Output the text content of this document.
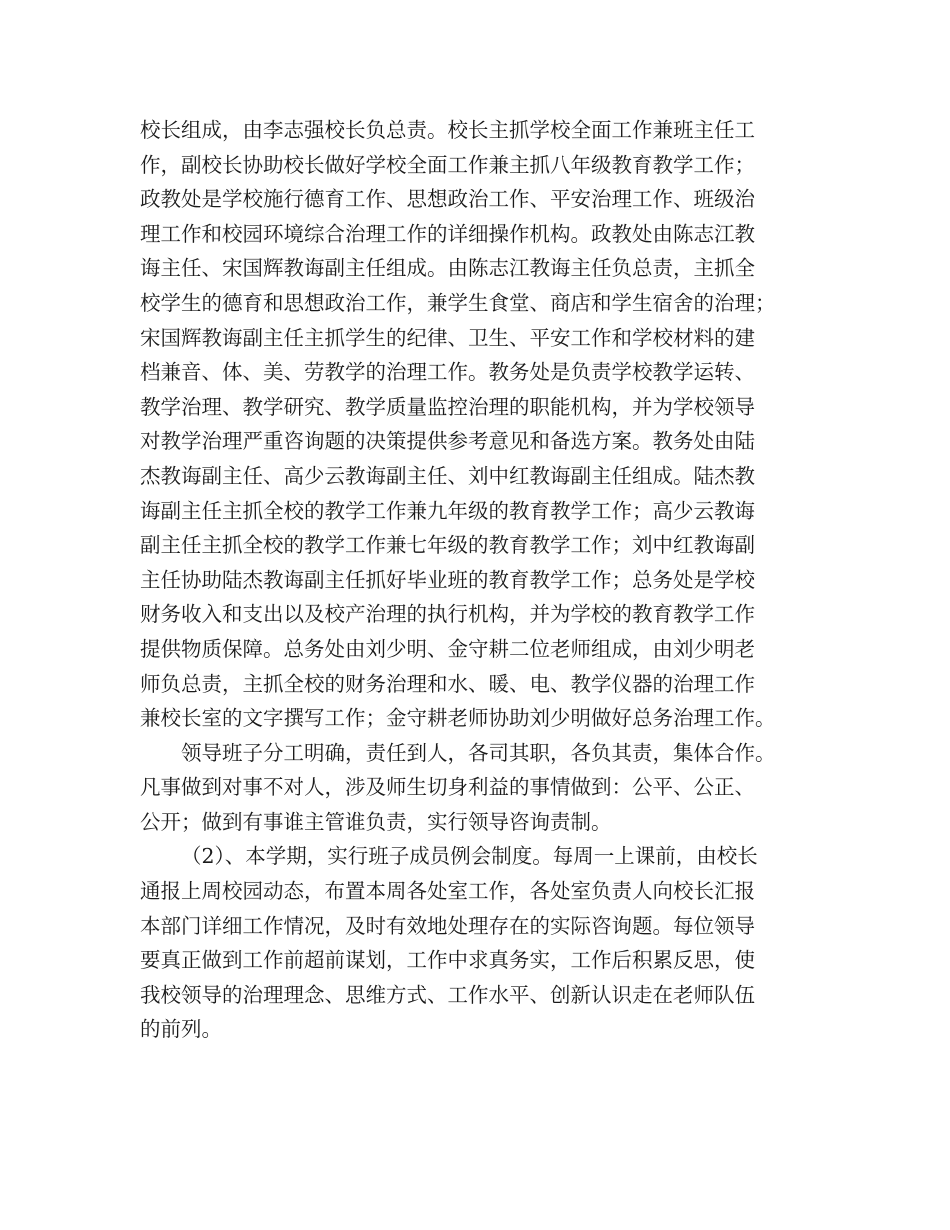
校长组成，由李志强校长负总责。校长主抓学校全面工作兼班主任工
作，副校长协助校长做好学校全面工作兼主抓八年级教育教学工作；
政教处是学校施行德育工作、思想政治工作、平安治理工作、班级治
理工作和校园环境综合治理工作的详细操作机构。政教处由陈志江教
诲主任、宋国辉教诲副主任组成。由陈志江教诲主任负总责，主抓全
校学生的德育和思想政治工作，兼学生食堂、商店和学生宿舍的治理；
宋国辉教诲副主任主抓学生的纪律、卫生、平安工作和学校材料的建
档兼音、体、美、劳教学的治理工作。教务处是负责学校教学运转、
教学治理、教学研究、教学质量监控治理的职能机构，并为学校领导
对教学治理严重咨询题的决策提供参考意见和备选方案。教务处由陆
杰教诲副主任、高少云教诲副主任、刘中红教诲副主任组成。陆杰教
诲副主任主抓全校的教学工作兼九年级的教育教学工作；高少云教诲
副主任主抓全校的教学工作兼七年级的教育教学工作；刘中红教诲副
主任协助陆杰教诲副主任抓好毕业班的教育教学工作；总务处是学校
财务收入和支出以及校产治理的执行机构，并为学校的教育教学工作
提供物质保障。总务处由刘少明、金守耕二位老师组成，由刘少明老
师负总责，主抓全校的财务治理和水、暖、电、教学仪器的治理工作
兼校长室的文字撰写工作；金守耕老师协助刘少明做好总务治理工作。
领导班子分工明确，责任到人，各司其职，各负其责，集体合作。
凡事做到对事不对人，涉及师生切身利益的事情做到：公平、公正、
公开；做到有事谁主管谁负责，实行领导咨询责制。
（2）、本学期，实行班子成员例会制度。每周一上课前，由校长
通报上周校园动态，布置本周各处室工作，各处室负责人向校长汇报
本部门详细工作情况，及时有效地处理存在的实际咨询题。每位领导
要真正做到工作前超前谋划，工作中求真务实，工作后积累反思，使
我校领导的治理理念、思维方式、工作水平、创新认识走在老师队伍
的前列。
